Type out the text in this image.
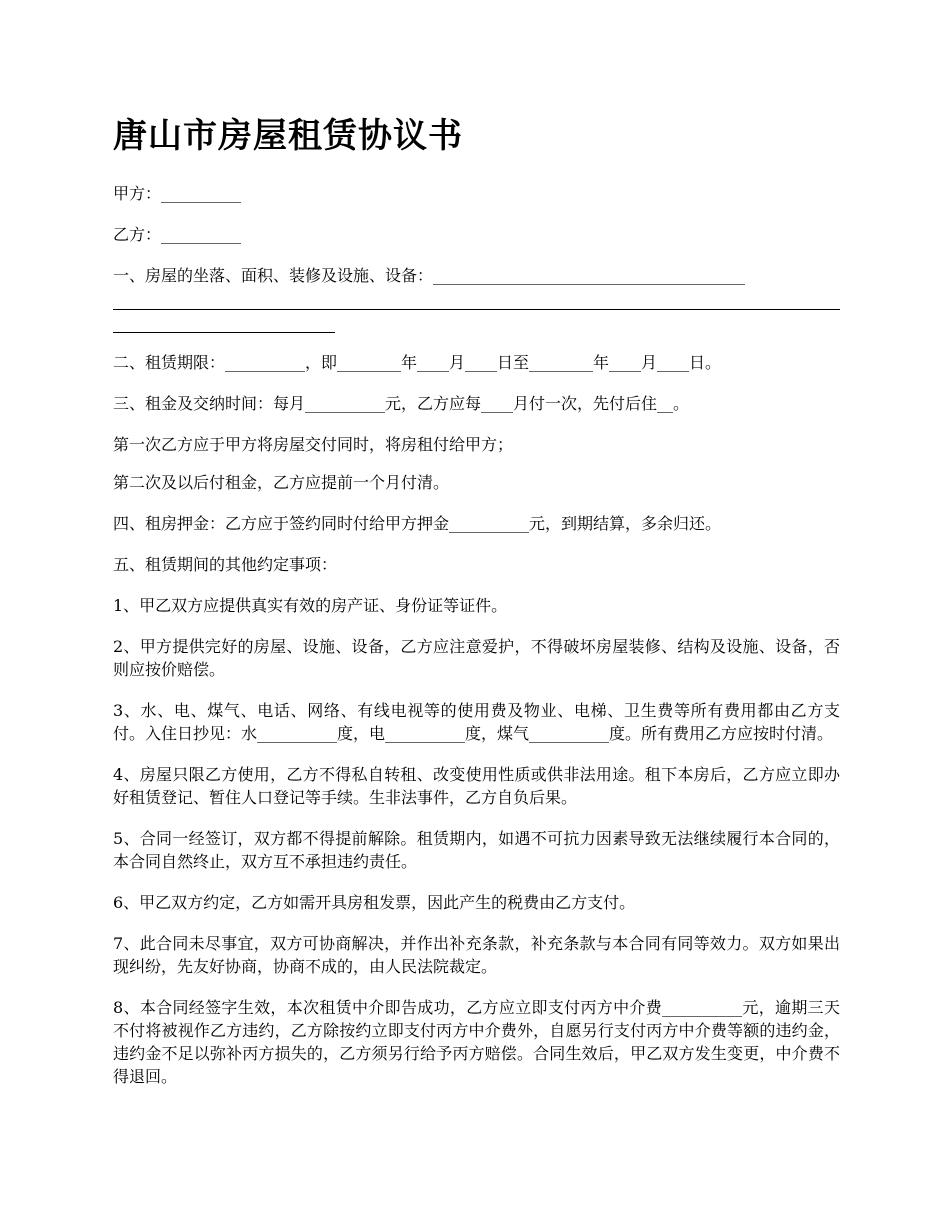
唐山市房屋租赁协议书

甲方：__________

乙方：__________

一、房屋的坐落、面积、装修及设施、设备：_______________________________________

二、租赁期限：__________，即________年____月____日至________年____月____日。

三、租金及交纳时间：每月__________元，乙方应每____月付一次，先付后住__。

第一次乙方应于甲方将房屋交付同时，将房租付给甲方；

第二次及以后付租金，乙方应提前一个月付清。

四、租房押金：乙方应于签约同时付给甲方押金__________元，到期结算，多余归还。

五、租赁期间的其他约定事项：

1、甲乙双方应提供真实有效的房产证、身份证等证件。

2、甲方提供完好的房屋、设施、设备，乙方应注意爱护，不得破坏房屋装修、结构及设施、设备，否则应按价赔偿。

3、水、电、煤气、电话、网络、有线电视等的使用费及物业、电梯、卫生费等所有费用都由乙方支付。入住日抄见：水__________度，电__________度，煤气__________度。所有费用乙方应按时付清。

4、房屋只限乙方使用，乙方不得私自转租、改变使用性质或供非法用途。租下本房后，乙方应立即办好租赁登记、暂住人口登记等手续。生非法事件，乙方自负后果。

5、合同一经签订，双方都不得提前解除。租赁期内，如遇不可抗力因素导致无法继续履行本合同的，本合同自然终止，双方互不承担违约责任。

6、甲乙双方约定，乙方如需开具房租发票，因此产生的税费由乙方支付。

7、此合同未尽事宜，双方可协商解决，并作出补充条款，补充条款与本合同有同等效力。双方如果出现纠纷，先友好协商，协商不成的，由人民法院裁定。

8、本合同经签字生效，本次租赁中介即告成功，乙方应立即支付丙方中介费__________元，逾期三天不付将被视作乙方违约，乙方除按约立即支付丙方中介费外，自愿另行支付丙方中介费等额的违约金，违约金不足以弥补丙方损失的，乙方须另行给予丙方赔偿。合同生效后，甲乙双方发生变更，中介费不得退回。
